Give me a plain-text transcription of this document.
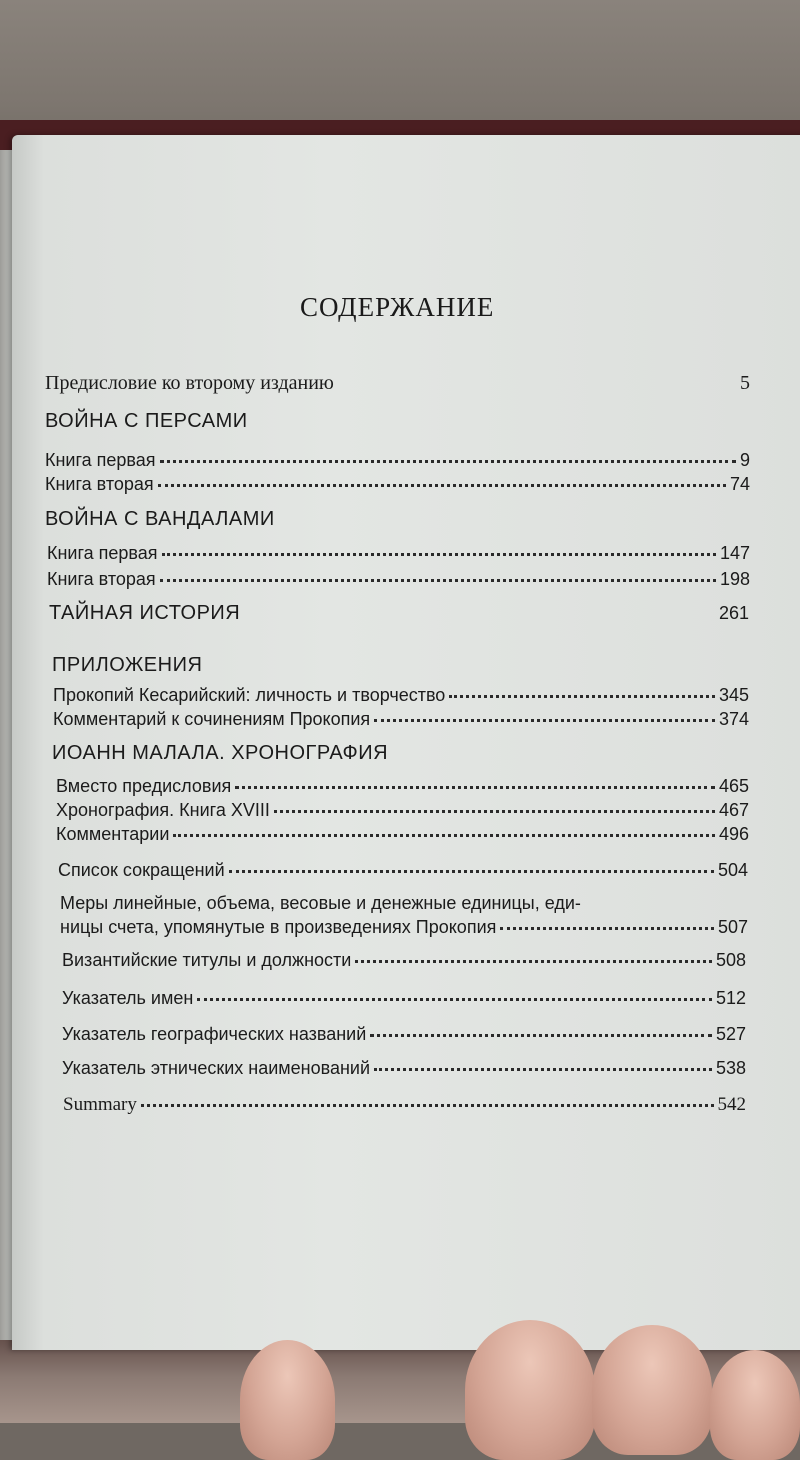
СОДЕРЖАНИЕ
Предисловие ко второму изданию	5
ВОЙНА С ПЕРСАМИ
Книга первая	9
Книга вторая	74
ВОЙНА С ВАНДАЛАМИ
Книга первая	147
Книга вторая	198
ТАЙНАЯ ИСТОРИЯ	261
ПРИЛОЖЕНИЯ
Прокопий Кесарийский: личность и творчество	345
Комментарий к сочинениям Прокопия	374
ИОАНН МАЛАЛА. ХРОНОГРАФИЯ
Вместо предисловия	465
Хронография. Книга XVIII	467
Комментарии	496
Список сокращений	504
Меры линейные, объема, весовые и денежные единицы, еди-
ницы счета, упомянутые в произведениях Прокопия	507
Византийские титулы и должности	508
Указатель имен	512
Указатель географических названий	527
Указатель этнических наименований	538
Summary	542
